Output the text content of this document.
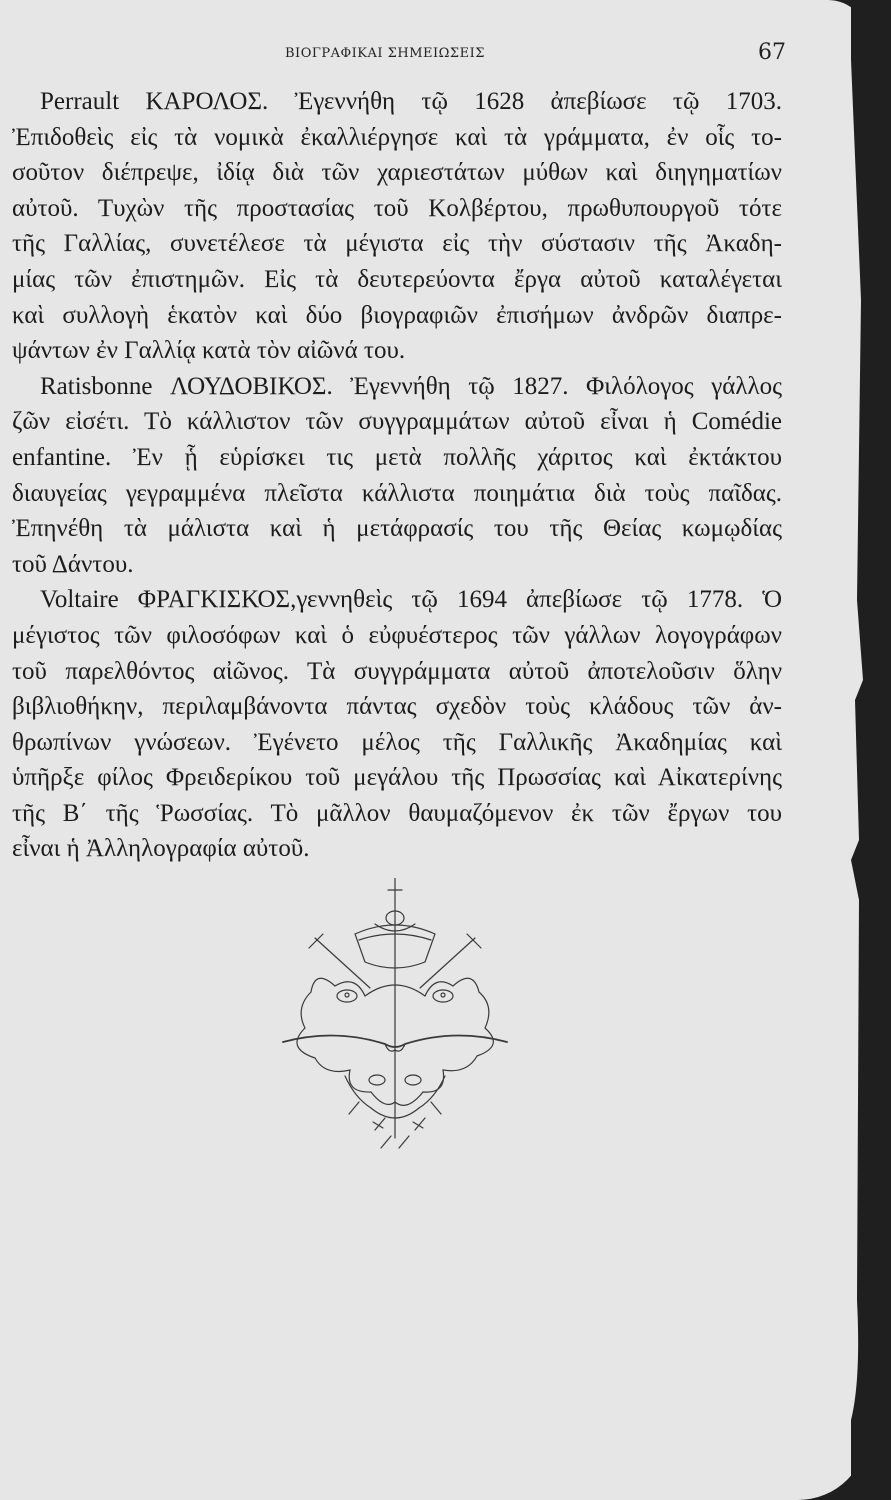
ΒΙΟΓΡΑΦΙΚΑΙ ΣΗΜΕΙΩΣΕΙΣ	67
Perrault ΚΑΡΟΛΟΣ. Ἐγεννήθη τῷ 1628 ἀπεβίωσε τῷ 1703.
Ἐπιδοθεὶς εἰς τὰ νομικὰ ἐκαλλιέργησε καὶ τὰ γράμματα, ἐν οἷς το-
σοῦτον διέπρεψε, ἰδίᾳ διὰ τῶν χαριεστάτων μύθων καὶ διηγηματίων
αὐτοῦ. Τυχὼν τῆς προστασίας τοῦ Κολβέρτου, πρωθυπουργοῦ τότε
τῆς Γαλλίας, συνετέλεσε τὰ μέγιστα εἰς τὴν σύστασιν τῆς Ἀκαδη-
μίας τῶν ἐπιστημῶν. Εἰς τὰ δευτερεύοντα ἔργα αὐτοῦ καταλέγεται
καὶ συλλογὴ ἑκατὸν καὶ δύο βιογραφιῶν ἐπισήμων ἀνδρῶν διαπρε-
ψάντων ἐν Γαλλίᾳ κατὰ τὸν αἰῶνά του.
Ratisbonne ΛΟΥΔΟΒΙΚΟΣ. Ἐγεννήθη τῷ 1827. Φιλόλογος γάλλος
ζῶν εἰσέτι. Τὸ κάλλιστον τῶν συγγραμμάτων αὐτοῦ εἶναι ἡ Comédie
enfantine. Ἐν ᾗ εὑρίσκει τις μετὰ πολλῆς χάριτος καὶ ἐκτάκτου
διαυγείας γεγραμμένα πλεῖστα κάλλιστα ποιημάτια διὰ τοὺς παῖδας.
Ἐπηνέθη τὰ μάλιστα καὶ ἡ μετάφρασίς του τῆς Θείας κωμῳδίας
τοῦ Δάντου.
Voltaire ΦΡΑΓΚΙΣΚΟΣ,γεννηθεὶς τῷ 1694 ἀπεβίωσε τῷ 1778. Ὁ
μέγιστος τῶν φιλοσόφων καὶ ὁ εὐφυέστερος τῶν γάλλων λογογράφων
τοῦ παρελθόντος αἰῶνος. Τὰ συγγράμματα αὐτοῦ ἀποτελοῦσιν ὅλην
βιβλιοθήκην, περιλαμβάνοντα πάντας σχεδὸν τοὺς κλάδους τῶν ἀν-
θρωπίνων γνώσεων. Ἐγένετο μέλος τῆς Γαλλικῆς Ἀκαδημίας καὶ
ὑπῆρξε φίλος Φρειδερίκου τοῦ μεγάλου τῆς Πρωσσίας καὶ Αἰκατερίνης
τῆς Β΄ τῆς Ῥωσσίας. Τὸ μᾶλλον θαυμαζόμενον ἐκ τῶν ἔργων του
εἶναι ἡ Ἀλληλογραφία αὐτοῦ.
